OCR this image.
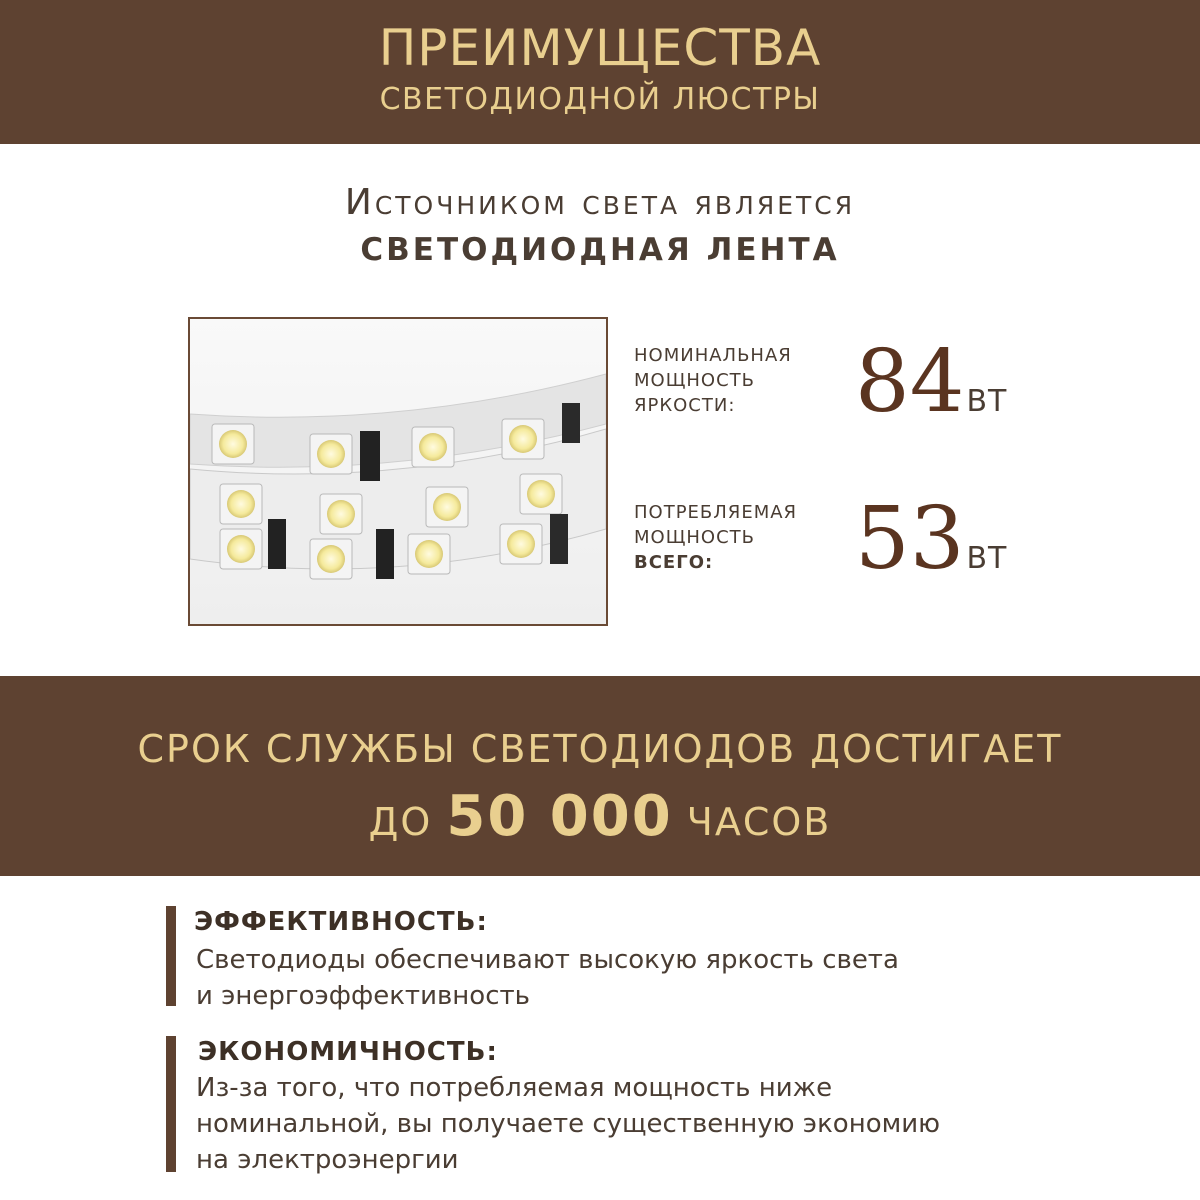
ПРЕИМУЩЕСТВА
СВЕТОДИОДНОЙ ЛЮСТРЫ
Источником света является
СВЕТОДИОДНАЯ ЛЕНТА
НОМИНАЛЬНАЯ
МОЩНОСТЬ
ЯРКОСТИ:	84ВТ
ПОТРЕБЛЯЕМАЯ
МОЩНОСТЬ
ВСЕГО:	53ВТ
СРОК СЛУЖБЫ СВЕТОДИОДОВ ДОСТИГАЕТ
ДО 50 000 ЧАСОВ
ЭФФЕКТИВНОСТЬ:
Светодиоды обеспечивают высокую яркость света
и энергоэффективность
ЭКОНОМИЧНОСТЬ:
Из-за того, что потребляемая мощность ниже
номинальной, вы получаете существенную экономию
на электроэнергии
